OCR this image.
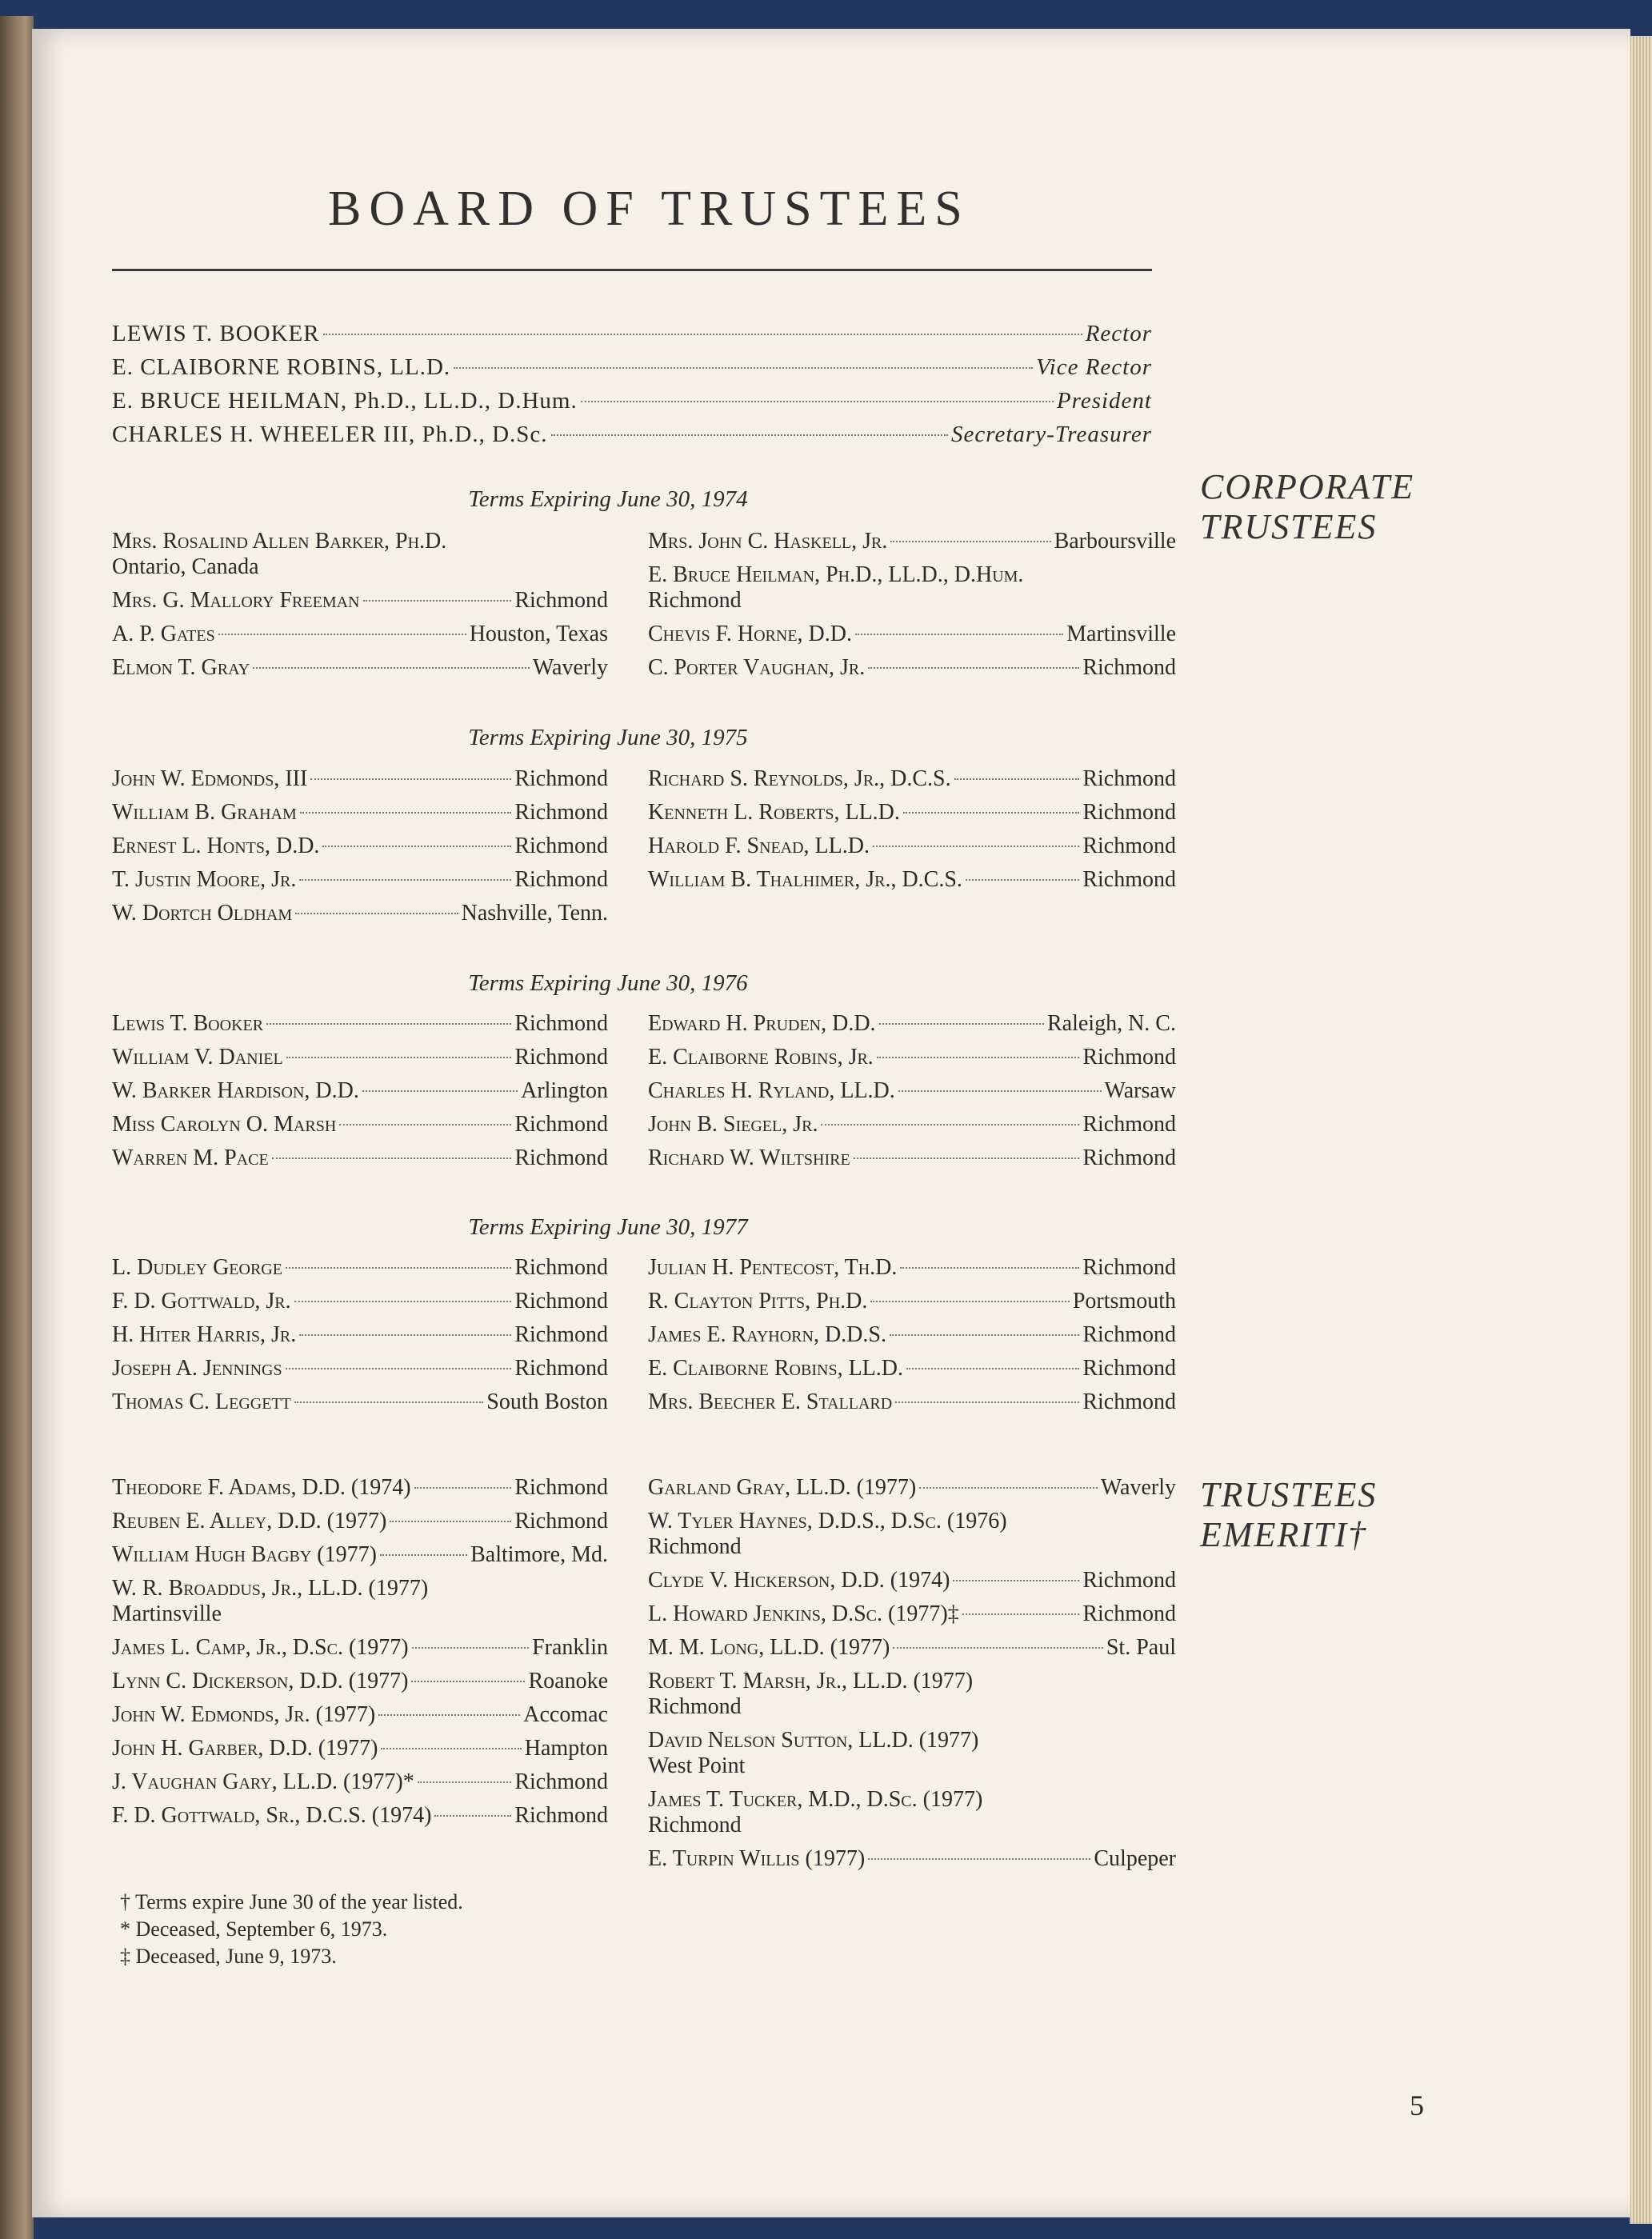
BOARD OF TRUSTEES
LEWIS T. BOOKER	Rector
E. CLAIBORNE ROBINS, LL.D.	Vice Rector
E. BRUCE HEILMAN, Ph.D., LL.D., D.Hum.	President
CHARLES H. WHEELER III, Ph.D., D.Sc.	Secretary-Treasurer
CORPORATE
TRUSTEES
TRUSTEES
EMERITI†
Terms Expiring June 30, 1974
Mrs. Rosalind Allen Barker, Ph.D.
Ontario, Canada
Mrs. G. Mallory Freeman	Richmond
A. P. Gates	Houston, Texas
Elmon T. Gray	Waverly
Mrs. John C. Haskell, Jr.	Barboursville
E. Bruce Heilman, Ph.D., LL.D., D.Hum.
Richmond
Chevis F. Horne, D.D.	Martinsville
C. Porter Vaughan, Jr.	Richmond
Terms Expiring June 30, 1975
John W. Edmonds, III	Richmond
William B. Graham	Richmond
Ernest L. Honts, D.D.	Richmond
T. Justin Moore, Jr.	Richmond
W. Dortch Oldham	Nashville, Tenn.
Richard S. Reynolds, Jr., D.C.S.	Richmond
Kenneth L. Roberts, LL.D.	Richmond
Harold F. Snead, LL.D.	Richmond
William B. Thalhimer, Jr., D.C.S.	Richmond
Terms Expiring June 30, 1976
Lewis T. Booker	Richmond
William V. Daniel	Richmond
W. Barker Hardison, D.D.	Arlington
Miss Carolyn O. Marsh	Richmond
Warren M. Pace	Richmond
Edward H. Pruden, D.D.	Raleigh, N. C.
E. Claiborne Robins, Jr.	Richmond
Charles H. Ryland, LL.D.	Warsaw
John B. Siegel, Jr.	Richmond
Richard W. Wiltshire	Richmond
Terms Expiring June 30, 1977
L. Dudley George	Richmond
F. D. Gottwald, Jr.	Richmond
H. Hiter Harris, Jr.	Richmond
Joseph A. Jennings	Richmond
Thomas C. Leggett	South Boston
Julian H. Pentecost, Th.D.	Richmond
R. Clayton Pitts, Ph.D.	Portsmouth
James E. Rayhorn, D.D.S.	Richmond
E. Claiborne Robins, LL.D.	Richmond
Mrs. Beecher E. Stallard	Richmond
Theodore F. Adams, D.D. (1974)	Richmond
Reuben E. Alley, D.D. (1977)	Richmond
William Hugh Bagby (1977)	Baltimore, Md.
W. R. Broaddus, Jr., LL.D. (1977)
Martinsville
James L. Camp, Jr., D.Sc. (1977)	Franklin
Lynn C. Dickerson, D.D. (1977)	Roanoke
John W. Edmonds, Jr. (1977)	Accomac
John H. Garber, D.D. (1977)	Hampton
J. Vaughan Gary, LL.D. (1977)*	Richmond
F. D. Gottwald, Sr., D.C.S. (1974)	Richmond
Garland Gray, LL.D. (1977)	Waverly
W. Tyler Haynes, D.D.S., D.Sc. (1976)
Richmond
Clyde V. Hickerson, D.D. (1974)	Richmond
L. Howard Jenkins, D.Sc. (1977)‡	Richmond
M. M. Long, LL.D. (1977)	St. Paul
Robert T. Marsh, Jr., LL.D. (1977)
Richmond
David Nelson Sutton, LL.D. (1977)
West Point
James T. Tucker, M.D., D.Sc. (1977)
Richmond
E. Turpin Willis (1977)	Culpeper
† Terms expire June 30 of the year listed.
* Deceased, September 6, 1973.
‡ Deceased, June 9, 1973.
5
